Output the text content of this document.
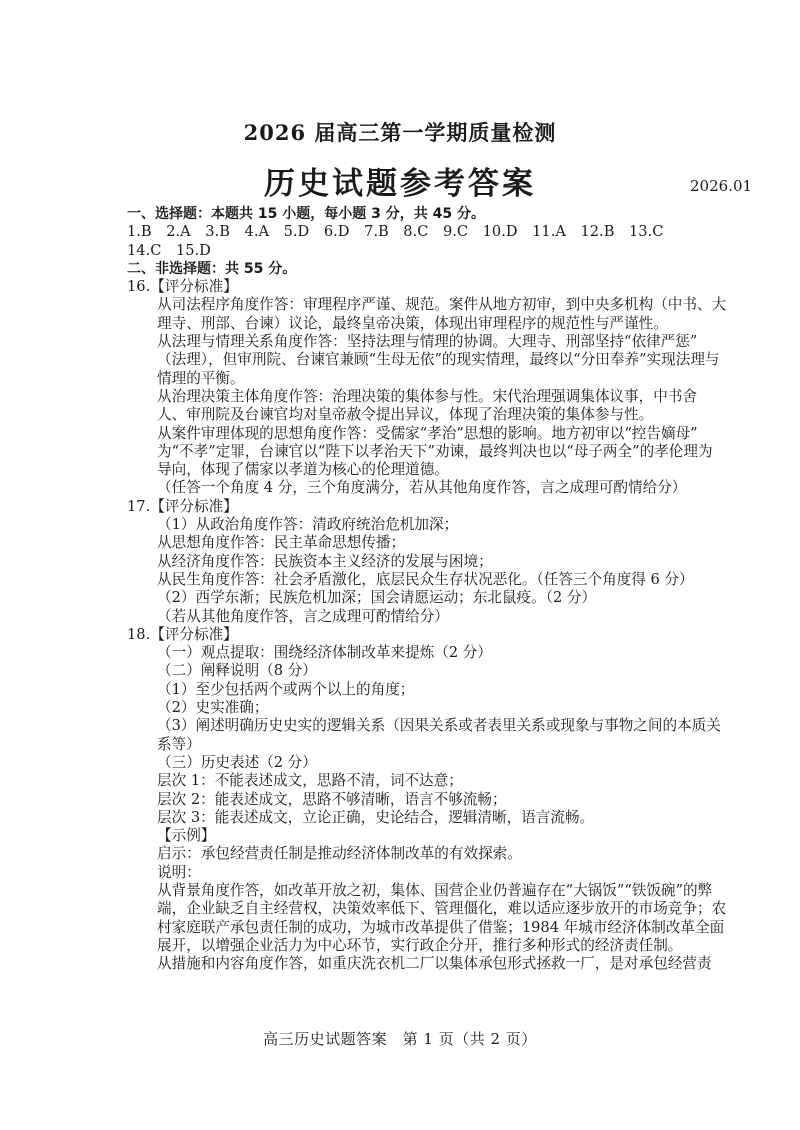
2026 届高三第一学期质量检测
历史试题参考答案	2026.01

一、选择题：本题共 15 小题，每小题 3 分，共 45 分。

1.B　2.A　3.B　4.A　5.D　6.D　7.B　8.C　9.C　10.D　11.A　12.B　13.C

14.C　15.D

二、非选择题：共 55 分。

16.【评分标准】

从司法程序角度作答：审理程序严谨、规范。案件从地方初审，到中央多机构（中书、大

理寺、刑部、台谏）议论，最终皇帝决策，体现出审理程序的规范性与严谨性。

从法理与情理关系角度作答：坚持法理与情理的协调。大理寺、刑部坚持“依律严惩”

（法理），但审刑院、台谏官兼顾“生母无依”的现实情理，最终以“分田奉养”实现法理与

情理的平衡。

从治理决策主体角度作答：治理决策的集体参与性。宋代治理强调集体议事，中书舍

人、审刑院及台谏官均对皇帝赦令提出异议，体现了治理决策的集体参与性。

从案件审理体现的思想角度作答：受儒家“孝治”思想的影响。地方初审以“控告嫡母”

为“不孝”定罪，台谏官以“陛下以孝治天下”劝谏，最终判决也以“母子两全”的孝伦理为

导向，体现了儒家以孝道为核心的伦理道德。

（任答一个角度 4 分，三个角度满分，若从其他角度作答，言之成理可酌情给分）

17.【评分标准】

（1）从政治角度作答：清政府统治危机加深；

从思想角度作答：民主革命思想传播；

从经济角度作答：民族资本主义经济的发展与困境；

从民生角度作答：社会矛盾激化，底层民众生存状况恶化。（任答三个角度得 6 分）

（2）西学东渐；民族危机加深；国会请愿运动；东北鼠疫。（2 分）

（若从其他角度作答，言之成理可酌情给分）

18.【评分标准】

（一）观点提取：围绕经济体制改革来提炼（2 分）

（二）阐释说明（8 分）

（1）至少包括两个或两个以上的角度；

（2）史实准确；

（3）阐述明确历史史实的逻辑关系（因果关系或者表里关系或现象与事物之间的本质关

系等）

（三）历史表述（2 分）

层次 1：不能表述成文，思路不清，词不达意；

层次 2：能表述成文，思路不够清晰，语言不够流畅；

层次 3：能表述成文，立论正确，史论结合，逻辑清晰，语言流畅。

【示例】

启示：承包经营责任制是推动经济体制改革的有效探索。

说明：

从背景角度作答，如改革开放之初，集体、国营企业仍普遍存在“大锅饭”“铁饭碗”的弊

端，企业缺乏自主经营权，决策效率低下、管理僵化，难以适应逐步放开的市场竞争；农

村家庭联产承包责任制的成功，为城市改革提供了借鉴；1984 年城市经济体制改革全面

展开，以增强企业活力为中心环节，实行政企分开，推行多种形式的经济责任制。

从措施和内容角度作答，如重庆洗衣机二厂以集体承包形式拯救一厂，是对承包经营责

高三历史试题答案　第 1 页（共 2 页）
